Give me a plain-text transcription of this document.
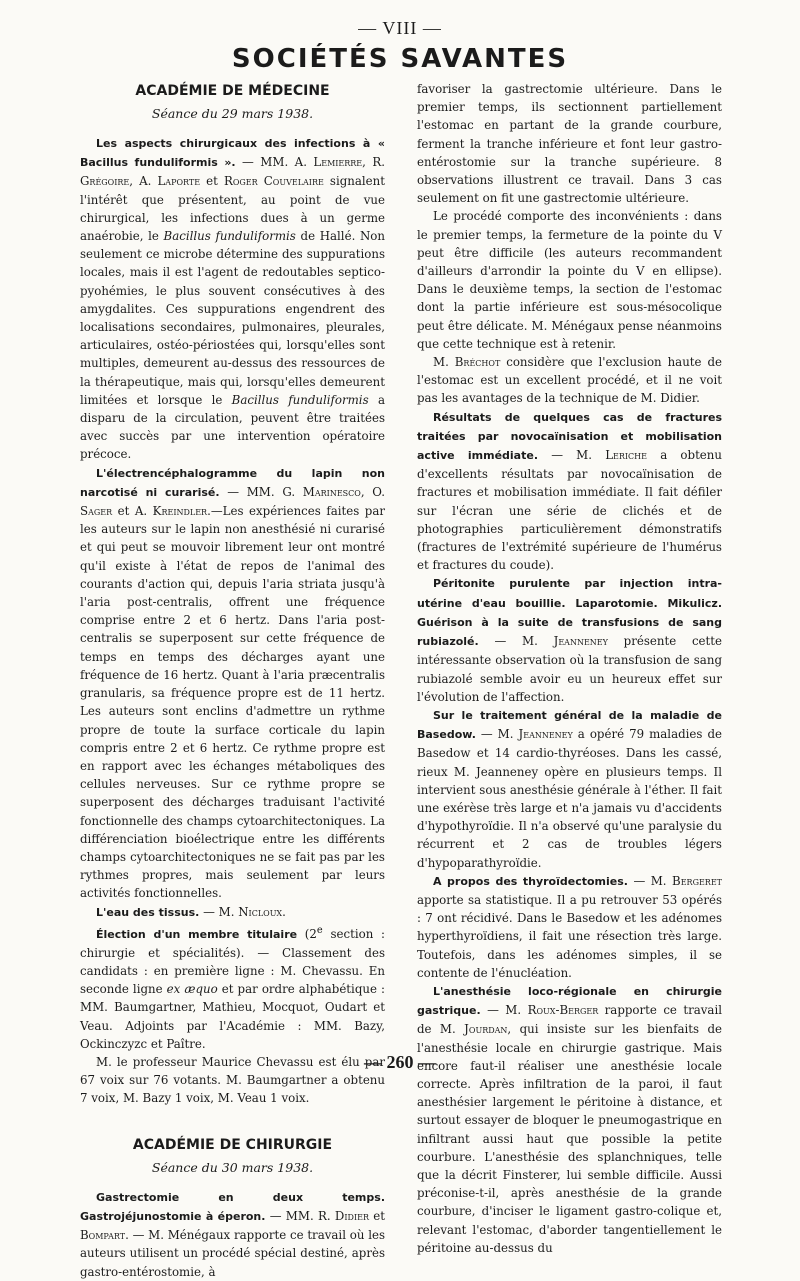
— VIII —
SOCIÉTÉS SAVANTES
ACADÉMIE DE MÉDECINE
Séance du 29 mars 1938.

Les aspects chirurgicaux des infections à « Bacillus funduliformis ». — MM. A. Lemierre, R. Grégoire, A. Laporte et Roger Couvelaire signalent l'intérêt que présentent, au point de vue chirurgical, les infections dues à un germe anaérobie, le Bacillus funduliformis de Hallé. Non seulement ce microbe détermine des suppurations locales, mais il est l'agent de redoutables septico-pyohémies, le plus souvent consécutives à des amygdalites. Ces suppurations engendrent des localisations secondaires, pulmonaires, pleurales, articulaires, ostéo-périostées qui, lorsqu'elles sont multiples, demeurent au-dessus des ressources de la thérapeutique, mais qui, lorsqu'elles demeurent limitées et lorsque le Bacillus funduliformis a disparu de la circulation, peuvent être traitées avec succès par une intervention opératoire précoce.

L'électrencéphalogramme du lapin non narcotisé ni curarisé. — MM. G. Marinesco, O. Sager et A. Kreindler.—Les expériences faites par les auteurs sur le lapin non anesthésié ni curarisé et qui peut se mouvoir librement leur ont montré qu'il existe à l'état de repos de l'animal des courants d'action qui, depuis l'aria striata jusqu'à l'aria post-centralis, offrent une fréquence comprise entre 2 et 6 hertz. Dans l'aria post-centralis se superposent sur cette fréquence de temps en temps des décharges ayant une fréquence de 16 hertz. Quant à l'aria præcentralis granularis, sa fréquence propre est de 11 hertz. Les auteurs sont enclins d'admettre un rythme propre de toute la surface corticale du lapin compris entre 2 et 6 hertz. Ce rythme propre est en rapport avec les échanges métaboliques des cellules nerveuses. Sur ce rythme propre se superposent des décharges traduisant l'activité fonctionnelle des champs cytoarchitectoniques. La différenciation bioélectrique entre les différents champs cytoarchitectoniques ne se fait pas par les rythmes propres, mais seulement par leurs activités fonctionnelles.

L'eau des tissus. — M. Nicloux.

Élection d'un membre titulaire (2e section : chirurgie et spécialités). — Classement des candidats : en première ligne : M. Chevassu. En seconde ligne ex æquo et par ordre alphabétique : MM. Baumgartner, Mathieu, Mocquot, Oudart et Veau. Adjoints par l'Académie : MM. Bazy, Ockinczyzc et Paître.

M. le professeur Maurice Chevassu est élu par 67 voix sur 76 votants. M. Baumgartner a obtenu 7 voix, M. Bazy 1 voix, M. Veau 1 voix.

ACADÉMIE DE CHIRURGIE
Séance du 30 mars 1938.

Gastrectomie en deux temps. Gastrojéjunostomie à éperon. — MM. R. Didier et Bompart. — M. Ménégaux rapporte ce travail où les auteurs utilisent un procédé spécial destiné, après gastro-entérostomie, à

favoriser la gastrectomie ultérieure. Dans le premier temps, ils sectionnent partiellement l'estomac en partant de la grande courbure, ferment la tranche inférieure et font leur gastro-entérostomie sur la tranche supérieure. 8 observations illustrent ce travail. Dans 3 cas seulement on fit une gastrectomie ultérieure.

Le procédé comporte des inconvénients : dans le premier temps, la fermeture de la pointe du V peut être difficile (les auteurs recommandent d'ailleurs d'arrondir la pointe du V en ellipse). Dans le deuxième temps, la section de l'estomac dont la partie inférieure est sous-mésocolique peut être délicate. M. Ménégaux pense néanmoins que cette technique est à retenir.

M. Bréchot considère que l'exclusion haute de l'estomac est un excellent procédé, et il ne voit pas les avantages de la technique de M. Didier.

Résultats de quelques cas de fractures traitées par novocaïnisation et mobilisation active immédiate. — M. Leriche a obtenu d'excellents résultats par novocaïnisation de fractures et mobilisation immédiate. Il fait défiler sur l'écran une série de clichés et de photographies particulièrement démonstratifs (fractures de l'extrémité supérieure de l'humérus et fractures du coude).

Péritonite purulente par injection intra-utérine d'eau bouillie. Laparotomie. Mikulicz. Guérison à la suite de transfusions de sang rubiazolé. — M. Jeanneney présente cette intéressante observation où la transfusion de sang rubiazolé semble avoir eu un heureux effet sur l'évolution de l'affection.

Sur le traitement général de la maladie de Basedow. — M. Jeanneney a opéré 79 maladies de Basedow et 14 cardio-thyréoses. Dans les cassé, rieux M. Jeanneney opère en plusieurs temps. Il intervient sous anesthésie générale à l'éther. Il fait une exérèse très large et n'a jamais vu d'accidents d'hypothyroïdie. Il n'a observé qu'une paralysie du récurrent et 2 cas de troubles légers d'hypoparathyroïdie.

A propos des thyroïdectomies. — M. Bergeret apporte sa statistique. Il a pu retrouver 53 opérés : 7 ont récidivé. Dans le Basedow et les adénomes hyperthyroïdiens, il fait une résection très large. Toutefois, dans les adénomes simples, il se contente de l'énucléation.

L'anesthésie loco-régionale en chirurgie gastrique. — M. Roux-Berger rapporte ce travail de M. Jourdan, qui insiste sur les bienfaits de l'anesthésie locale en chirurgie gastrique. Mais encore faut-il réaliser une anesthésie locale correcte. Après infiltration de la paroi, il faut anesthésier largement le péritoine à distance, et surtout essayer de bloquer le pneumogastrique en infiltrant aussi haut que possible la petite courbure. L'anesthésie des splanchniques, telle que la décrit Finsterer, lui semble difficile. Aussi préconise-t-il, après anesthésie de la grande courbure, d'inciser le ligament gastro-colique et, relevant l'estomac, d'aborder tangentiellement le péritoine au-dessus du

— 260 —
